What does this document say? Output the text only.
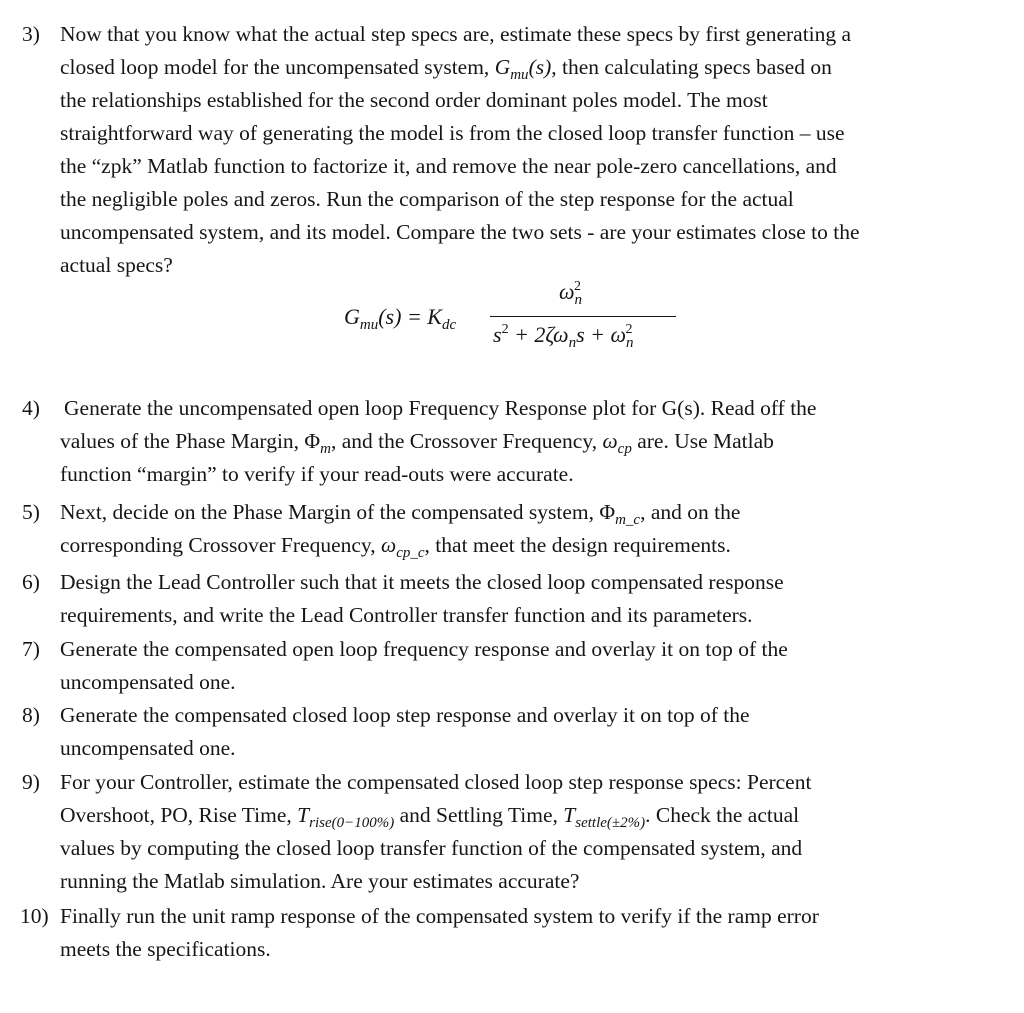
3) Now that you know what the actual step specs are, estimate these specs by first generating a
closed loop model for the uncompensated system, $G_{mu}(s)$, then calculating specs based on
the relationships established for the second order dominant poles model. The most
straightforward way of generating the model is from the closed loop transfer function – use
the “zpk” Matlab function to factorize it, and remove the near pole-zero cancellations, and
the negligible poles and zeros. Run the comparison of the step response for the actual
uncompensated system, and its model. Compare the two sets - are your estimates close to the
actual specs?
$G_{mu}(s) = K_{dc}$
$\omega_n^2$
$s^2 + 2\zeta\omega_ns + \omega_n^2$
4) Generate the uncompensated open loop Frequency Response plot for G(s). Read off the
values of the Phase Margin, $\Phi_m$, and the Crossover Frequency, $\omega_{cp}$ are. Use Matlab
function “margin” to verify if your read-outs were accurate.
5) Next, decide on the Phase Margin of the compensated system, $\Phi_{m\_c}$, and on the
corresponding Crossover Frequency, $\omega_{cp\_c}$, that meet the design requirements.
6) Design the Lead Controller such that it meets the closed loop compensated response
requirements, and write the Lead Controller transfer function and its parameters.
7) Generate the compensated open loop frequency response and overlay it on top of the
uncompensated one.
8) Generate the compensated closed loop step response and overlay it on top of the
uncompensated one.
9) For your Controller, estimate the compensated closed loop step response specs: Percent
Overshoot, PO, Rise Time, $T_{rise(0-100\%)}$ and Settling Time, $T_{settle(\pm 2\%)}$. Check the actual
values by computing the closed loop transfer function of the compensated system, and
running the Matlab simulation. Are your estimates accurate?
10) Finally run the unit ramp response of the compensated system to verify if the ramp error
meets the specifications.
